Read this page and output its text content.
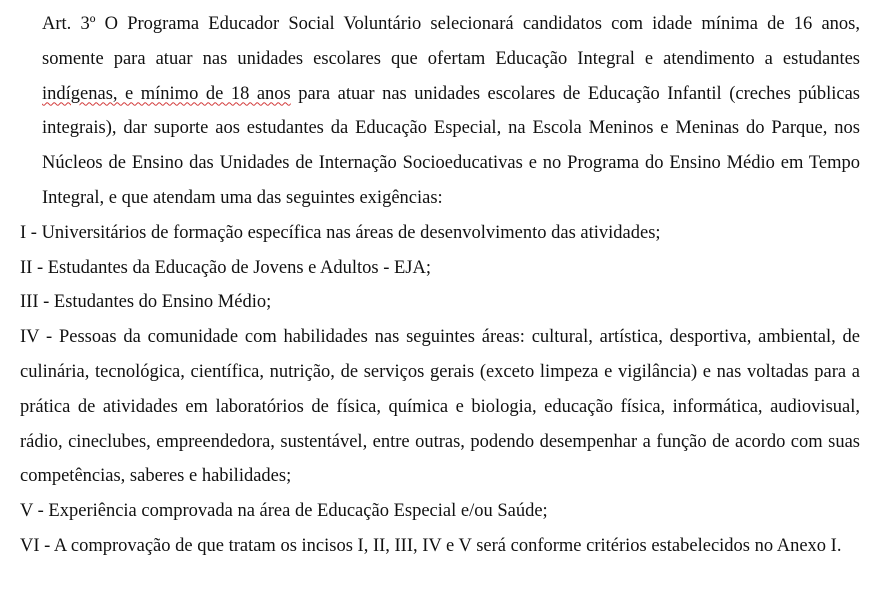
Art. 3º O Programa Educador Social Voluntário selecionará candidatos com idade mínima de 16 anos, somente para atuar nas unidades escolares que ofertam Educação Integral e atendimento a estudantes indígenas, e mínimo de 18 anos para atuar nas unidades escolares de Educação Infantil (creches públicas integrais), dar suporte aos estudantes da Educação Especial, na Escola Meninos e Meninas do Parque, nos Núcleos de Ensino das Unidades de Internação Socioeducativas e no Programa do Ensino Médio em Tempo Integral, e que atendam uma das seguintes exigências:

I - Universitários de formação específica nas áreas de desenvolvimento das atividades;

II - Estudantes da Educação de Jovens e Adultos - EJA;

III - Estudantes do Ensino Médio;

IV - Pessoas da comunidade com habilidades nas seguintes áreas: cultural, artística, desportiva, ambiental, de culinária, tecnológica, científica, nutrição, de serviços gerais (exceto limpeza e vigilância) e nas voltadas para a prática de atividades em laboratórios de física, química e biologia, educação física, informática, audiovisual, rádio, cineclubes, empreendedora, sustentável, entre outras, podendo desempenhar a função de acordo com suas competências, saberes e habilidades;

V - Experiência comprovada na área de Educação Especial e/ou Saúde;

VI - A comprovação de que tratam os incisos I, II, III, IV e V será conforme critérios estabelecidos no Anexo I.
